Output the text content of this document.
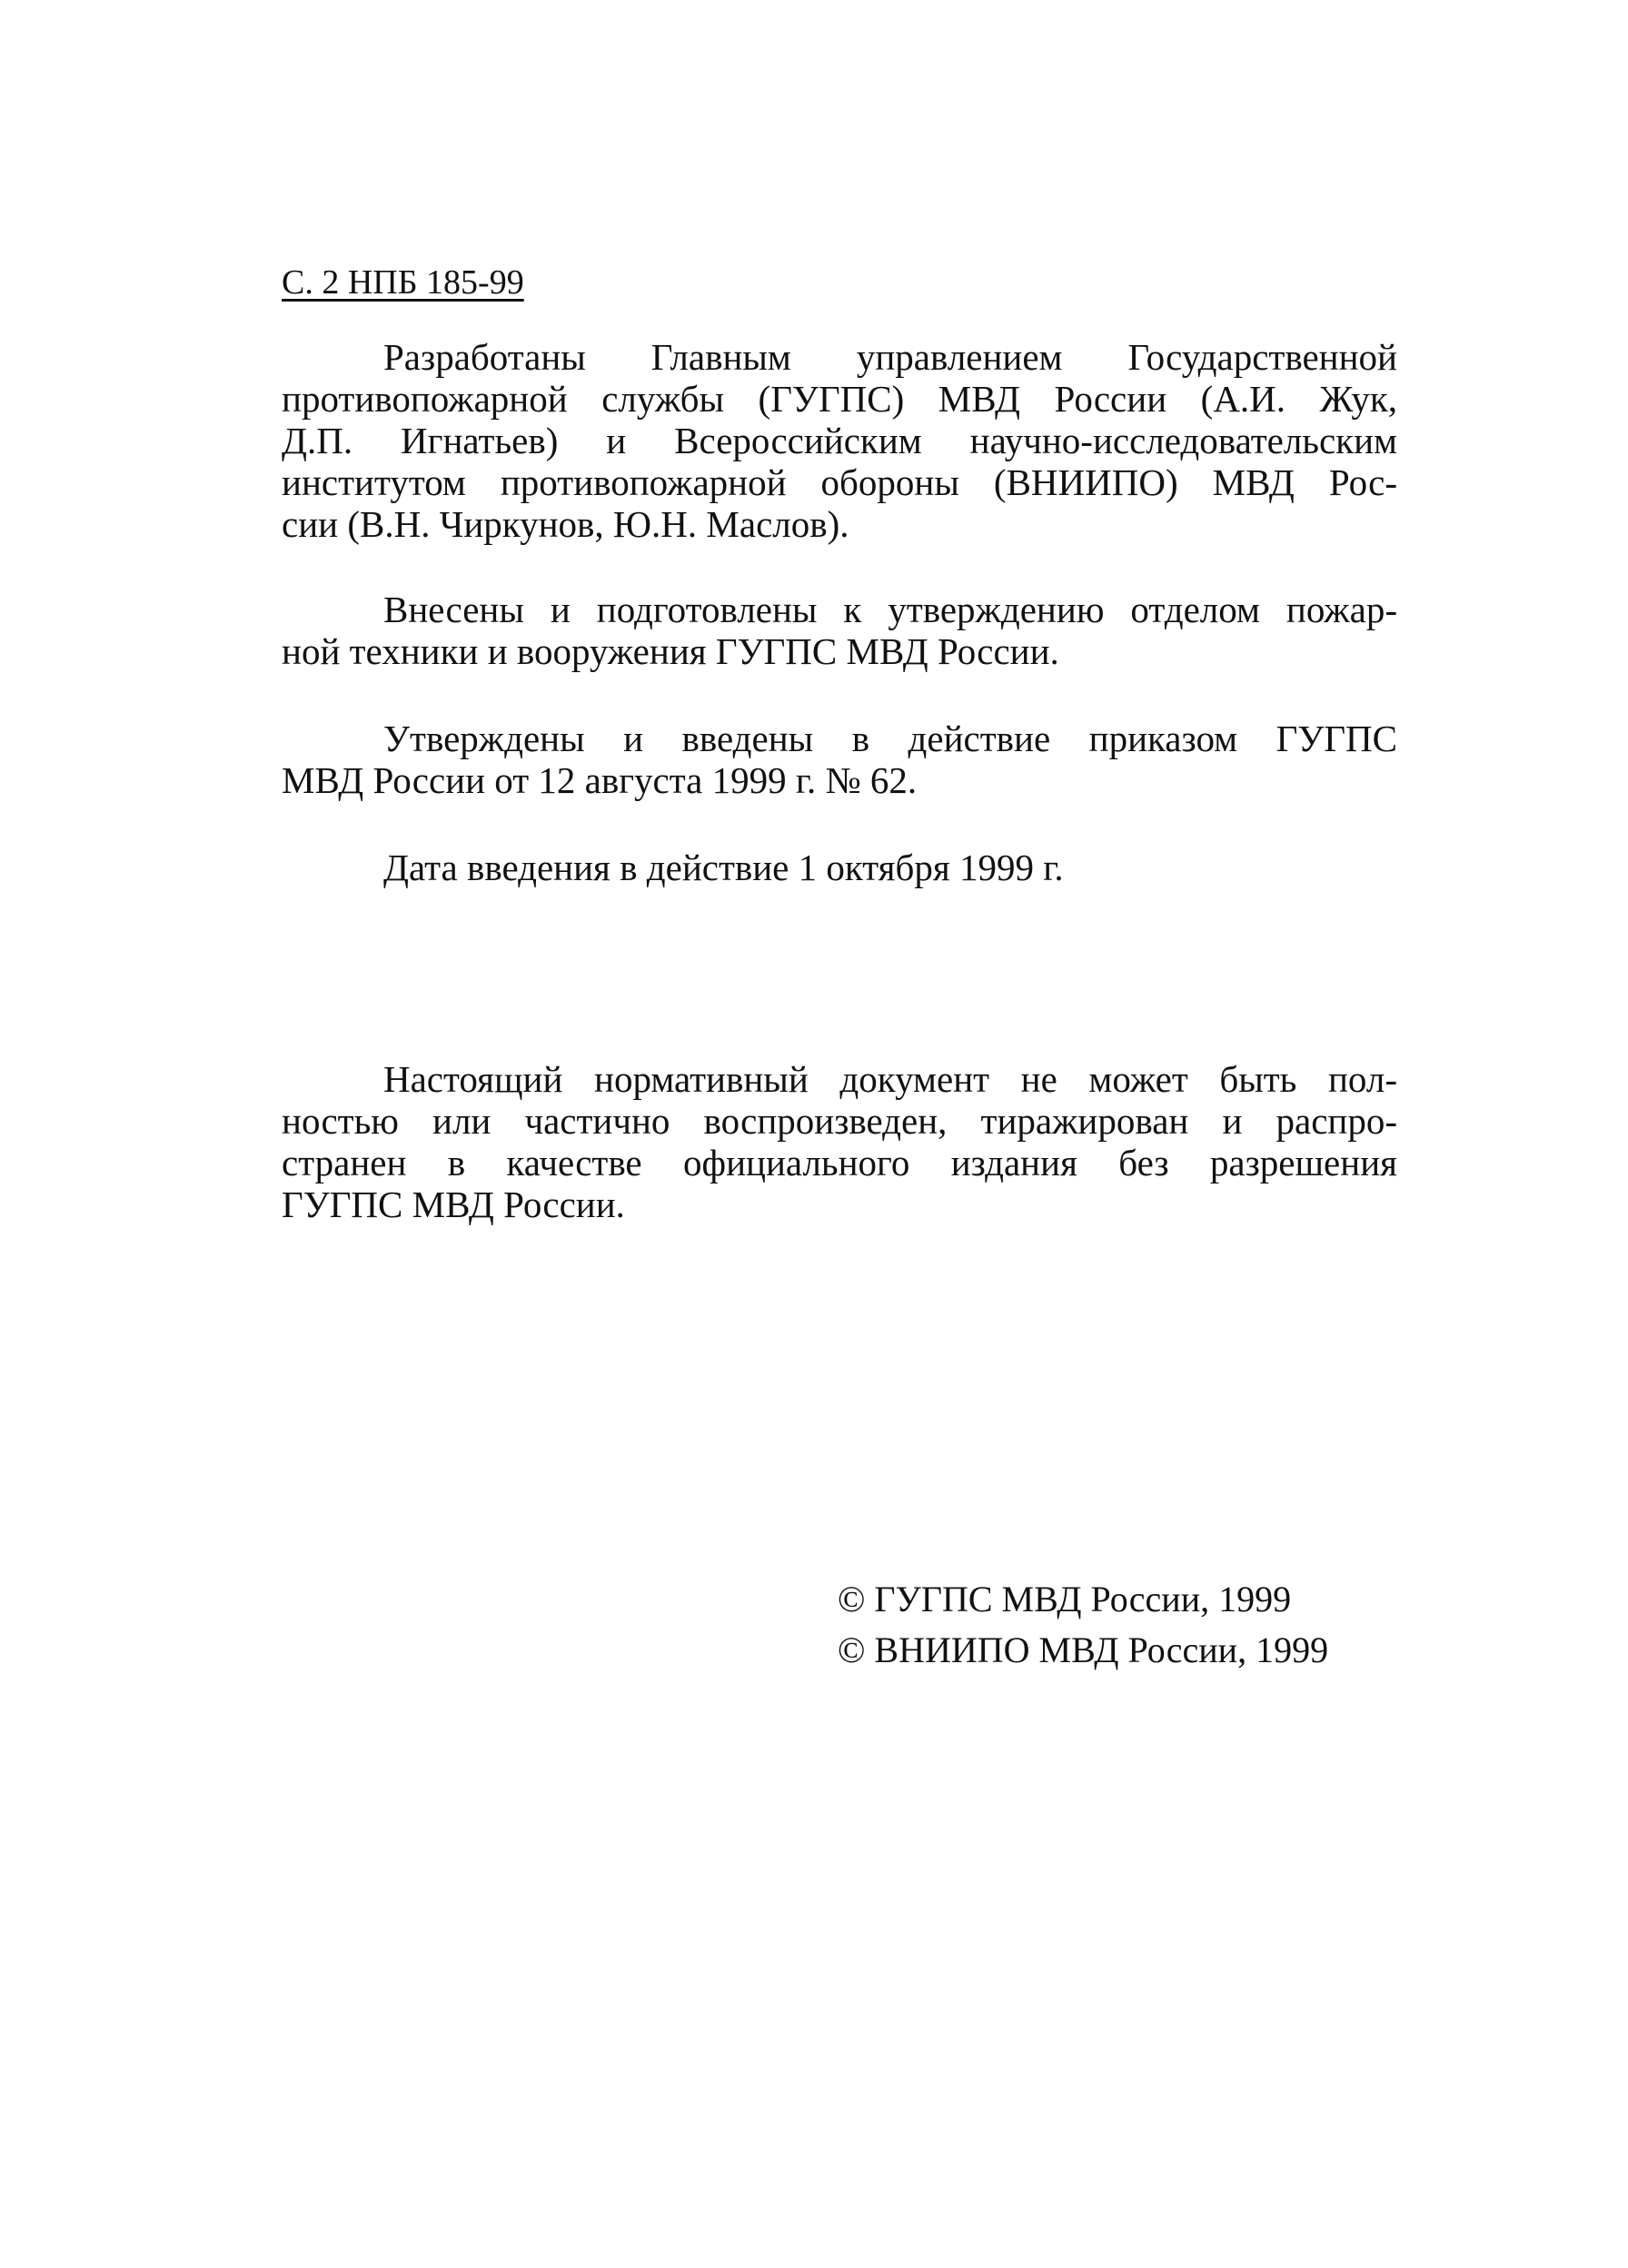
С. 2 НПБ 185-99
Разработаны Главным управлением Государственной
противопожарной службы (ГУГПС) МВД России (А.И. Жук,
Д.П. Игнатьев) и Всероссийским научно-исследовательским
институтом противопожарной обороны (ВНИИПО) МВД Рос-
сии (В.Н. Чиркунов, Ю.Н. Маслов).
Внесены и подготовлены к утверждению отделом пожар-
ной техники и вооружения ГУГПС МВД России.
Утверждены и введены в действие приказом ГУГПС
МВД России от 12 августа 1999 г. № 62.
Дата введения в действие 1 октября 1999 г.
Настоящий нормативный документ не может быть пол-
ностью или частично воспроизведен, тиражирован и распро-
странен в качестве официального издания без разрешения
ГУГПС МВД России.
© ГУГПС МВД России, 1999
© ВНИИПО МВД России, 1999
